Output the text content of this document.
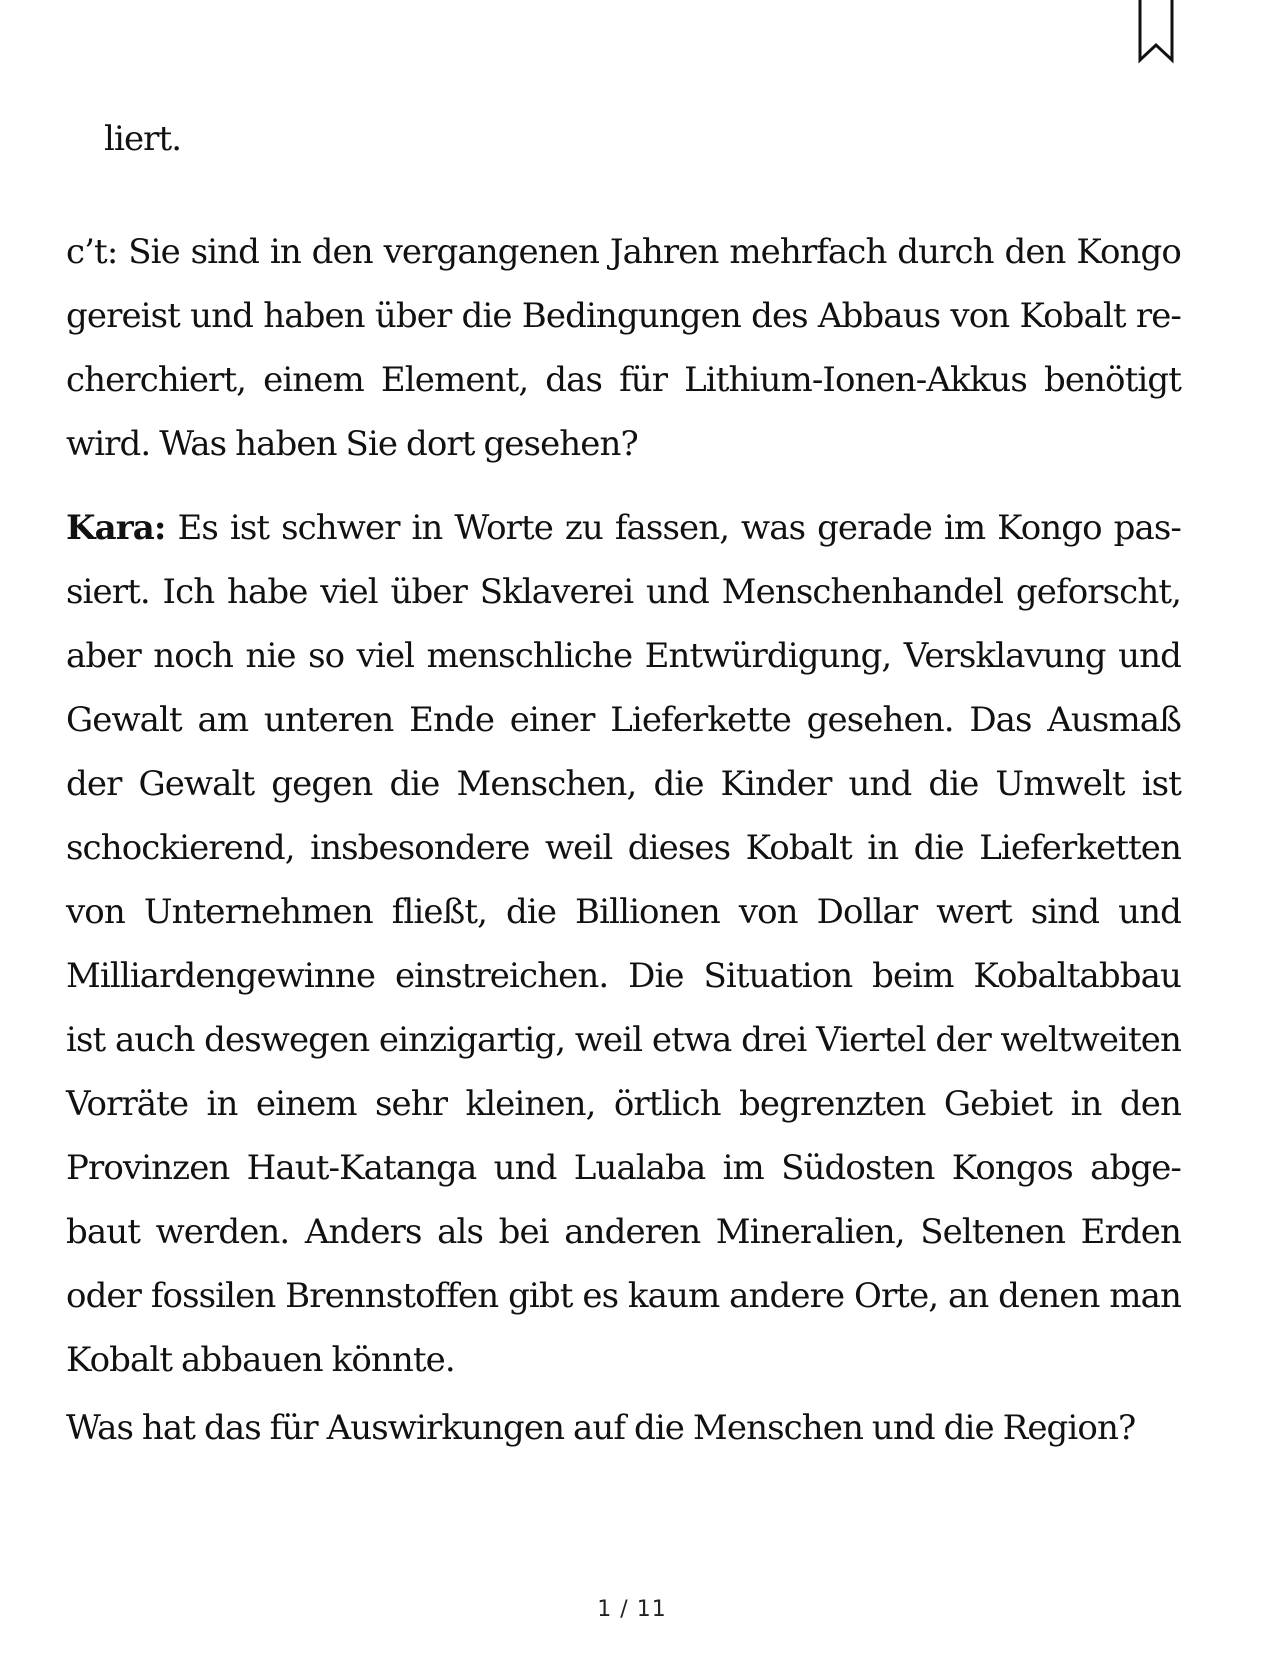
liert.
c’t: Sie sind in den vergangenen Jahren mehrfach durch den Kongo
gereist und haben über die Bedingungen des Abbaus von Kobalt re-
cherchiert, einem Element, das für Lithium-Ionen-Akkus benötigt
wird. Was haben Sie dort gesehen?
Kara: Es ist schwer in Worte zu fassen, was gerade im Kongo pas-
siert. Ich habe viel über Sklaverei und Menschenhandel geforscht,
aber noch nie so viel menschliche Entwürdigung, Versklavung und
Gewalt am unteren Ende einer Lieferkette gesehen. Das Ausmaß
der Gewalt gegen die Menschen, die Kinder und die Umwelt ist
schockierend, insbesondere weil dieses Kobalt in die Lieferketten
von Unternehmen fließt, die Billionen von Dollar wert sind und
Milliardengewinne einstreichen. Die Situation beim Kobaltabbau
ist auch deswegen einzigartig, weil etwa drei Viertel der weltweiten
Vorräte in einem sehr kleinen, örtlich begrenzten Gebiet in den
Provinzen Haut-Katanga und Lualaba im Südosten Kongos abge-
baut werden. Anders als bei anderen Mineralien, Seltenen Erden
oder fossilen Brennstoffen gibt es kaum andere Orte, an denen man
Kobalt abbauen könnte.
Was hat das für Auswirkungen auf die Menschen und die Region?
1 / 11
